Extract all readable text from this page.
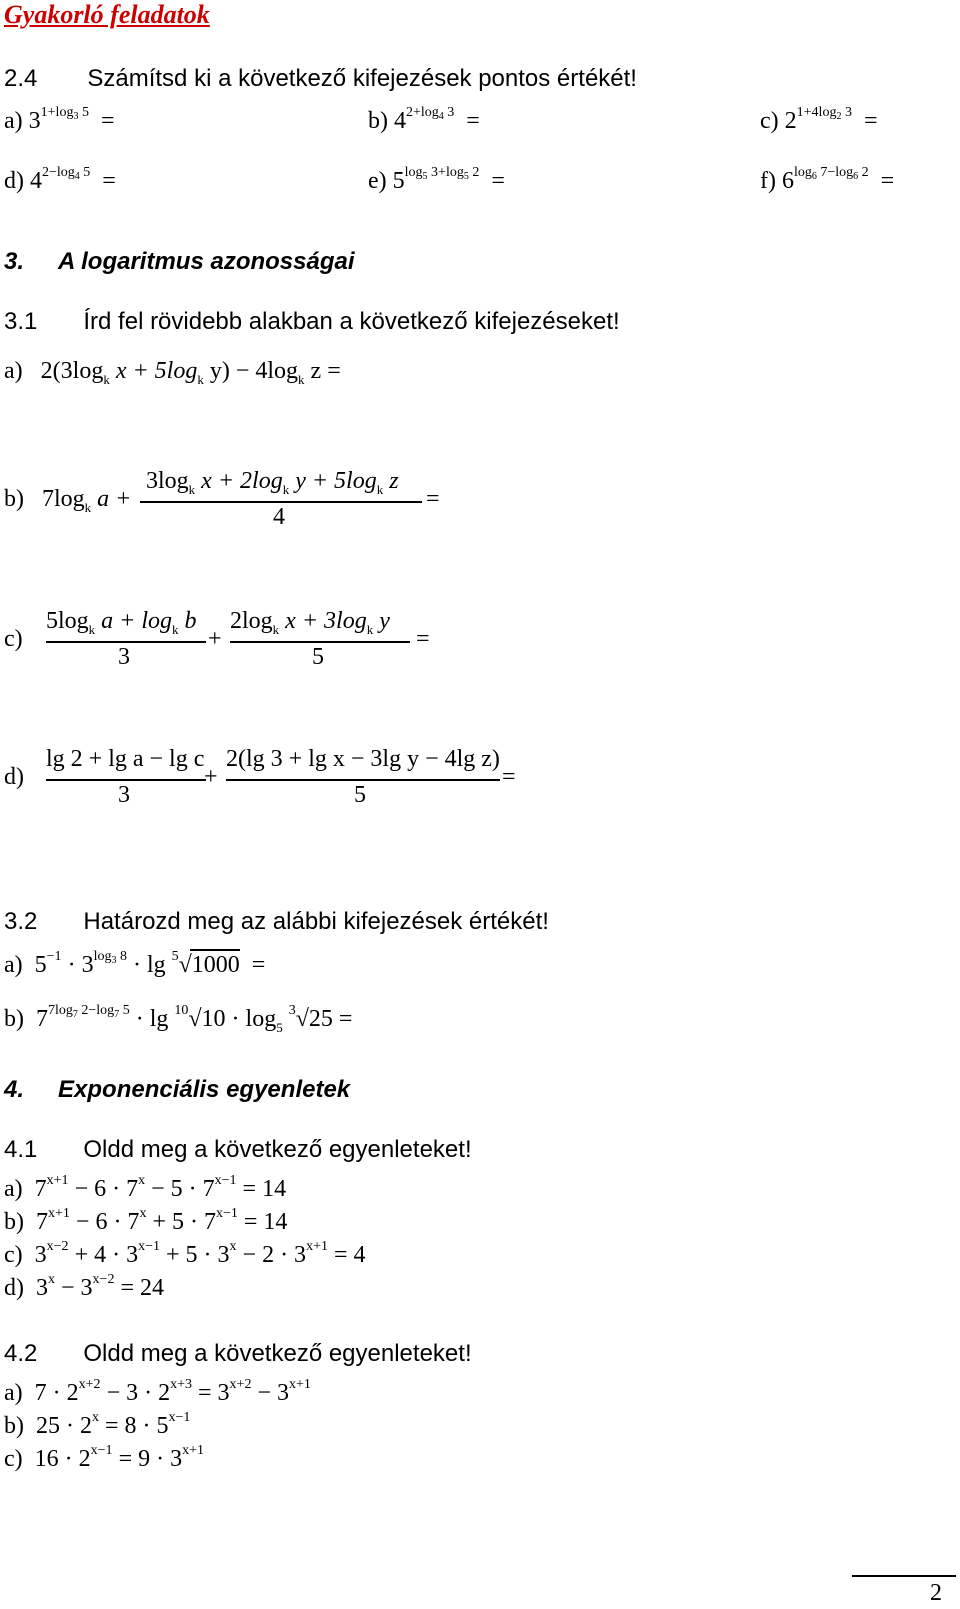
Gyakorló feladatok
2.4 Számítsd ki a következő kifejezések pontos értékét!
a) $3^{1+log_3 5}$ =	b) $4^{2+log_4 3}$ =	c) $2^{1+4log_2 3}$ =
d) $4^{2-log_4 5}$ =	e) $5^{log_5 3+log_5 2}$ =	f) $6^{log_6 7-log_6 2}$ =
3. A logaritmus azonosságai
3.1 Írd fel rövidebb alakban a következő kifejezéseket!
a) $2(3\log_k$ $x + 5\log_k$ $y) - 4\log_k$ z =
b) $7\log_k$ a +
$3\log_k$ $x + 2\log_k$ $y + 5\log_k$ z
4
=
c)
$5\log_k$ $a + \log_k b$
3
+
$2\log_k$ $x + 3\log_k$ y
5
=
d)
lg 2 + lg a − lg c
3
+
2(lg 3 + lg x − 3lg y − 4lg z)
5
=
3.2 Határozd meg az alábbi kifejezések értékét!
a) $5^{-1} \cdot 3^{log_3 8} \cdot \lg ^5√1000$ =
b) $7^{7log_7 2-log_7 5} \cdot \lg ^{10}√10 \cdot \log_5 ^3√25$ =
4. Exponenciális egyenletek
4.1 Oldd meg a következő egyenleteket!
a) $7^{x+1} - 6 \cdot 7^x - 5 \cdot 7^{x-1} = 14$
b) $7^{x+1} - 6 \cdot 7^x + 5 \cdot 7^{x-1} = 14$
c) $3^{x-2} + 4 \cdot 3^{x-1} + 5 \cdot 3^x - 2 \cdot 3^{x+1} = 4$
d) $3^x - 3^{x-2} = 24$
4.2 Oldd meg a következő egyenleteket!
a) $7 \cdot 2^{x+2} - 3 \cdot 2^{x+3} = 3^{x+2} - 3^{x+1}$
b) $25 \cdot 2^x = 8 \cdot 5^{x-1}$
c) $16 \cdot 2^{x-1} = 9 \cdot 3^{x+1}$
2
